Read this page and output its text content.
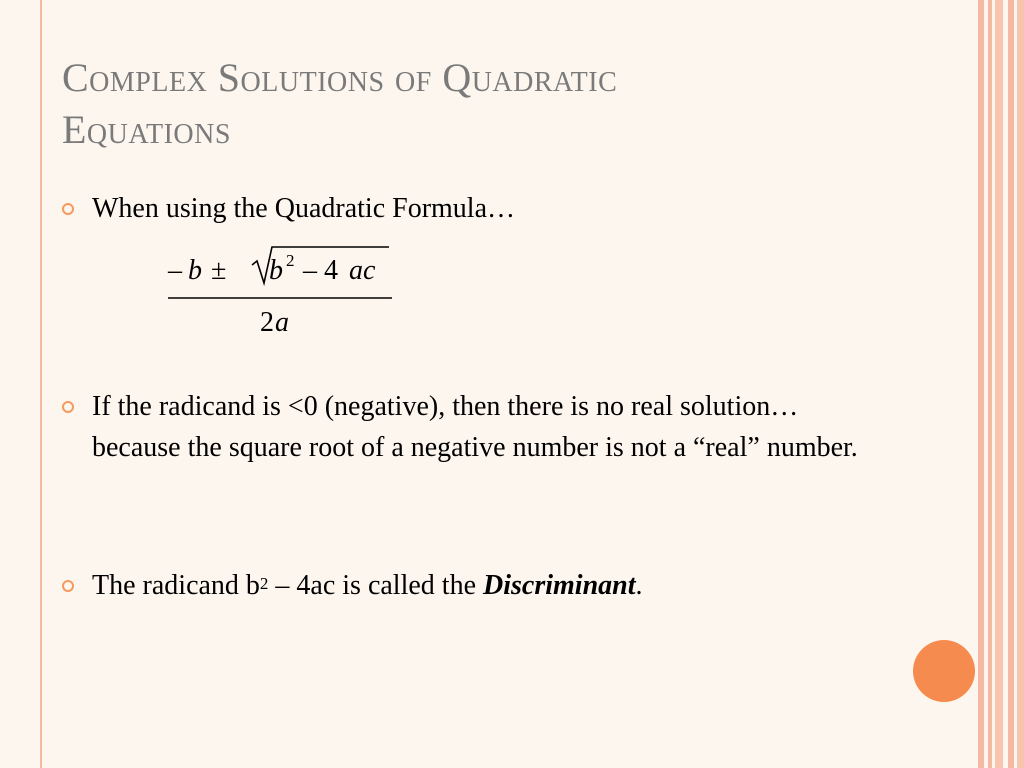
Complex Solutions of Quadratic
Equations
When using the Quadratic Formula…
– b ± b 2 – 4 ac
2 a
If the radicand is <0 (negative), then there is no real solution… because the square root of a negative number is not a “real” number.
The radicand $b^2 - 4ac$ is called the Discriminant.
